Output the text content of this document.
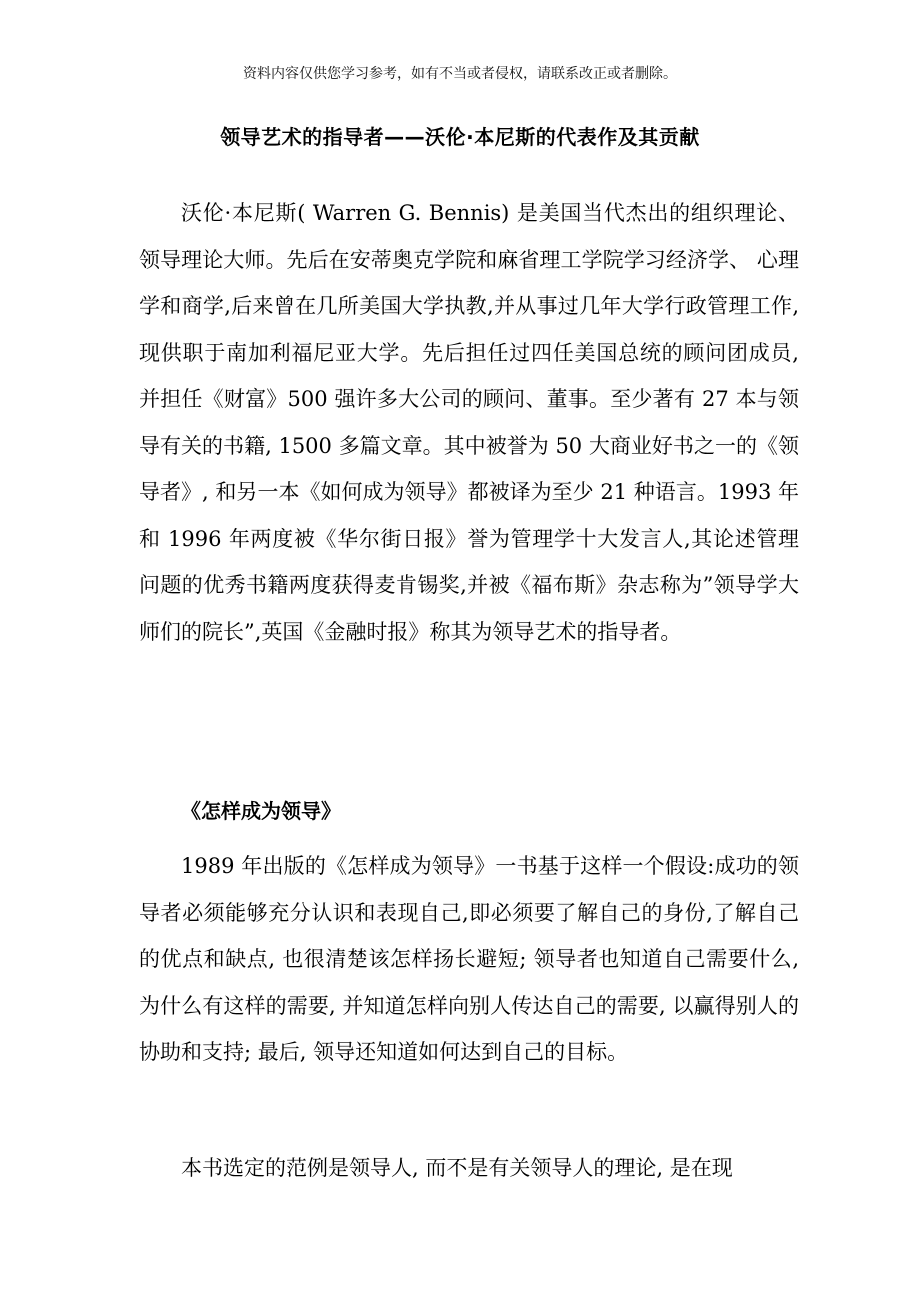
资料内容仅供您学习参考，如有不当或者侵权，请联系改正或者删除。
领导艺术的指导者——沃伦·本尼斯的代表作及其贡献

沃伦·本尼斯( Warren G. Bennis) 是美国当代杰出的组织理论、 领导理论大师。先后在安蒂奥克学院和麻省理工学院学习经济学、 心理学和商学,后来曾在几所美国大学执教,并从事过几年大学行政管理工作, 现供职于南加利福尼亚大学。先后担任过四任美国总统的顾问团成员, 并担任《财富》500 强许多大公司的顾问、董事。至少著有 27 本与领导有关的书籍, 1500 多篇文章。其中被誉为 50 大商业好书之一的《领导者》, 和另一本《如何成为领导》都被译为至少 21 种语言。1993 年和 1996 年两度被《华尔街日报》誉为管理学十大发言人,其论述管理问题的优秀书籍两度获得麦肯锡奖,并被《福布斯》杂志称为”领导学大师们的院长”,英国《金融时报》称其为领导艺术的指导者。

《怎样成为领导》

1989 年出版的《怎样成为领导》一书基于这样一个假设:成功的领导者必须能够充分认识和表现自己,即必须要了解自己的身份,了解自己的优点和缺点, 也很清楚该怎样扬长避短; 领导者也知道自己需要什么, 为什么有这样的需要, 并知道怎样向别人传达自己的需要, 以赢得别人的协助和支持; 最后, 领导还知道如何达到自己的目标。

本书选定的范例是领导人, 而不是有关领导人的理论, 是在现
